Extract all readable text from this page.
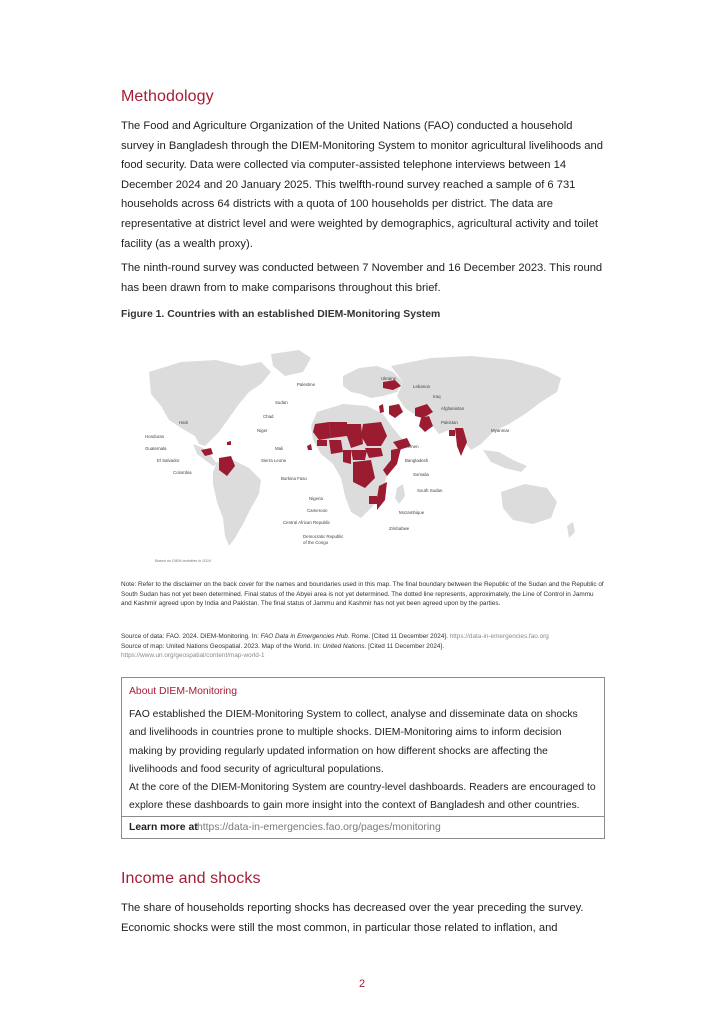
Methodology

The Food and Agriculture Organization of the United Nations (FAO) conducted a household survey in Bangladesh through the DIEM-Monitoring System to monitor agricultural livelihoods and food security. Data were collected via computer-assisted telephone interviews between 14 December 2024 and 20 January 2025. This twelfth-round survey reached a sample of 6 731 households across 64 districts with a quota of 100 households per district. The data are representative at district level and were weighted by demographics, agricultural activity and toilet facility (as a wealth proxy).

The ninth-round survey was conducted between 7 November and 16 December 2023. This round has been drawn from to make comparisons throughout this brief.

Figure 1. Countries with an established DIEM-Monitoring System
Ukraine
Lebanon
Iraq
Afghanistan
Pakistan
Myanmar
Palestine
Sudan
Chad
Niger
Haiti
Honduras
Guatemala
El Salvador
Colombia
Mali
Sierra Leone
Burkina Faso
Yemen
Bangladesh
Somalia
South Sudan
Nigeria
Cameroon
Central African Republic
Mozambique
Zimbabwe
Democratic Republic
of the Congo
Based on DIEM activities in 2024

Note: Refer to the disclaimer on the back cover for the names and boundaries used in this map. The final boundary between the Republic of the Sudan and the Republic of South Sudan has not yet been determined. Final status of the Abyei area is not yet determined. The dotted line represents, approximately, the Line of Control in Jammu and Kashmir agreed upon by India and Pakistan. The final status of Jammu and Kashmir has not yet been agreed upon by the parties.

Source of data: FAO. 2024. DIEM-Monitoring. In: FAO Data in Emergencies Hub. Rome. [Cited 11 December 2024]. https://data-in-emergencies.fao.org
Source of map: United Nations Geospatial. 2023. Map of the World. In: United Nations. [Cited 11 December 2024].
https://www.un.org/geospatial/content/map-world-1
About DIEM-Monitoring

FAO established the DIEM-Monitoring System to collect, analyse and disseminate data on shocks and livelihoods in countries prone to multiple shocks. DIEM-Monitoring aims to inform decision making by providing regularly updated information on how different shocks are affecting the livelihoods and food security of agricultural populations.

At the core of the DIEM-Monitoring System are country-level dashboards. Readers are encouraged to explore these dashboards to gain more insight into the context of Bangladesh and other countries.

Learn more at https://data-in-emergencies.fao.org/pages/monitoring
Income and shocks

The share of households reporting shocks has decreased over the year preceding the survey. Economic shocks were still the most common, in particular those related to inflation, and

2
